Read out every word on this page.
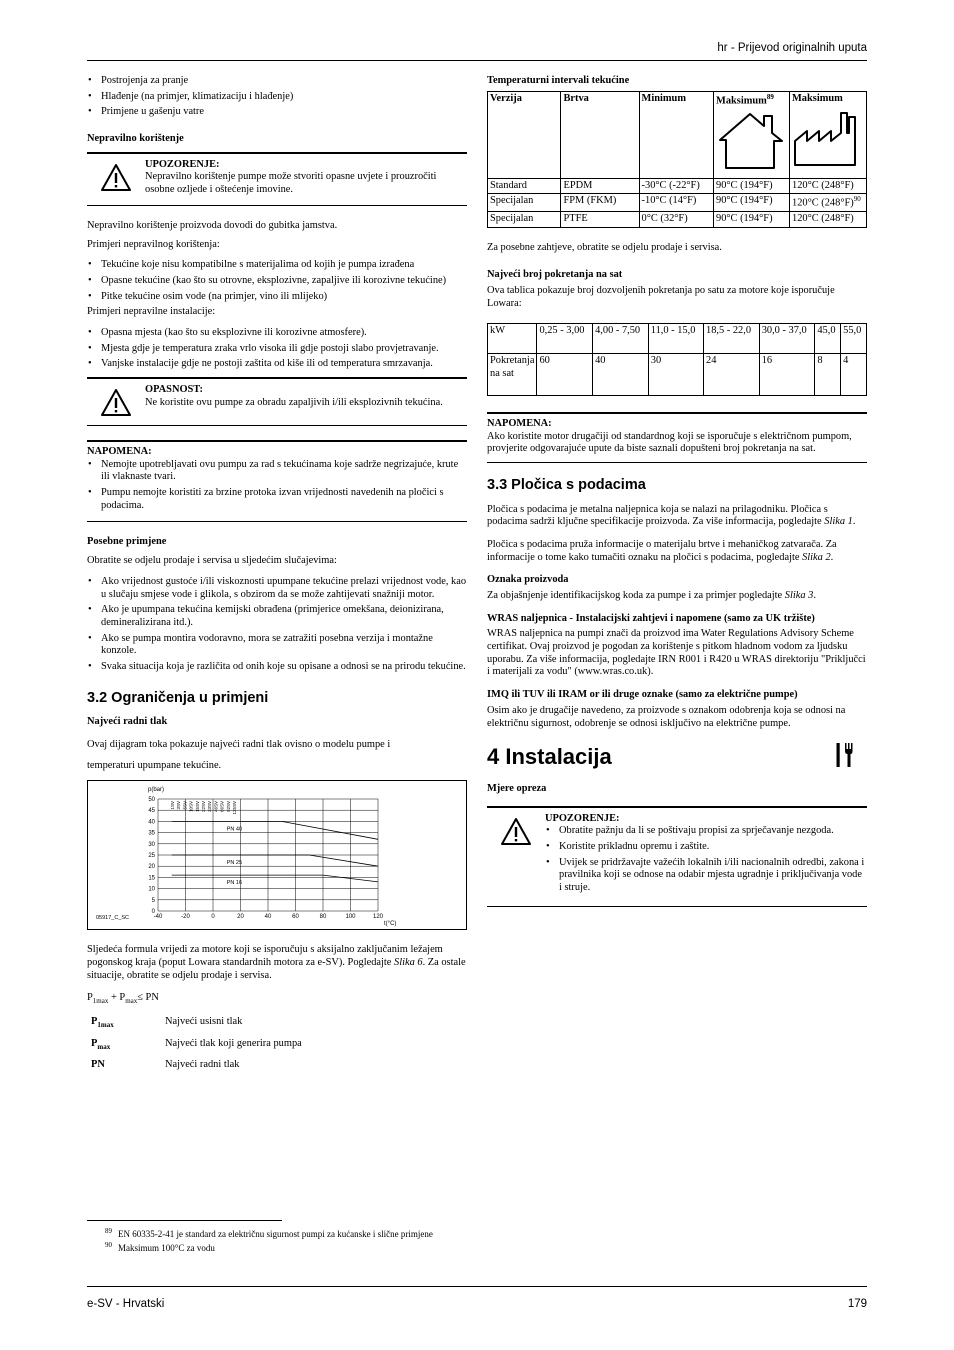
hr - Prijevod originalnih uputa
• Postrojenja za pranje
• Hlađenje (na primjer, klimatizaciju i hlađenje)
• Primjene u gašenju vatre
Nepravilno korištenje
UPOZORENJE:
Nepravilno korištenje pumpe može stvoriti opasne uvjete i prouzročiti osobne ozljede i oštećenje imovine.

Nepravilno korištenje proizvoda dovodi do gubitka jamstva.

Primjeri nepravilnog korištenja:

• Tekućine koje nisu kompatibilne s materijalima od kojih je pumpa izrađena
• Opasne tekućine (kao što su otrovne, eksplozivne, zapaljive ili korozivne tekućine)
• Pitke tekućine osim vode (na primjer, vino ili mlijeko)

Primjeri nepravilne instalacije:

• Opasna mjesta (kao što su eksplozivne ili korozivne atmosfere).
• Mjesta gdje je temperatura zraka vrlo visoka ili gdje postoji slabo provjetravanje.
• Vanjske instalacije gdje ne postoji zaštita od kiše ili od temperatura smrzavanja.
OPASNOST:
Ne koristite ovu pumpe za obradu zapaljivih i/ili eksplozivnih tekućina.
NAPOMENA:
• Nemojte upotrebljavati ovu pumpu za rad s tekućinama koje sadrže negrizajuće, krute ili vlaknaste tvari.
• Pumpu nemojte koristiti za brzine protoka izvan vrijednosti navedenih na pločici s podacima.
Posebne primjene

Obratite se odjelu prodaje i servisa u sljedećim slučajevima:

• Ako vrijednost gustoće i/ili viskoznosti upumpane tekućine prelazi vrijednost vode, kao u slučaju smjese vode i glikola, s obzirom da se može zahtijevati snažniji motor.
• Ako je upumpana tekućina kemijski obrađena (primjerice omekšana, deionizirana, demineralizirana itd.).
• Ako se pumpa montira vodoravno, mora se zatražiti posebna verzija i montažne konzole.
• Svaka situacija koja je različita od onih koje su opisane a odnosi se na prirodu tekućine.
3.2 Ograničenja u primjeni
Najveći radni tlak

Ovaj dijagram toka pokazuje najveći radni tlak ovisno o modelu pumpe i

temperaturi upumpane tekućine.

-40	-20	0	20	40	60	80	100	120
0
5
10
15
20
25
30
35
40
45
50
p(bar)
t(°C)
05917_C_SC
1SV 3SV 5SV 10SV 15SV 22SV 33SV 46SV 66SV 92SV 125SV
PN 40
PN 25
PN 16

Sljedeća formula vrijedi za motore koji se isporučuju s aksijalno zaključanim ležajem pogonskog kraja (poput Lowara standardnih motora za e-SV). Pogledajte Slika 6. Za ostale situacije, obratite se odjelu prodaje i servisa.

$P_{1max} + P_{max}\le$ PN

$P_{1max}$	Najveći usisni tlak
$P_{max}$	Najveći tlak koji generira pumpa
PN	Najveći radni tlak
Temperaturni intervali tekućine
Verzija	Brtva	Minimum	Maksimum$^{89}$	Maksimum

Standard	EPDM	-30°C (-22°F)	90°C (194°F)	120°C (248°F)
Specijalan	FPM (FKM)	-10°C (14°F)	90°C (194°F)	120°C $(248^\circ F)^{90}$
Specijalan	PTFE	0°C (32°F)	90°C (194°F)	120°C (248°F)

Za posebne zahtjeve, obratite se odjelu prodaje i servisa.

Najveći broj pokretanja na sat

Ova tablica pokazuje broj dozvoljenih pokretanja po satu za motore koje isporučuje Lowara:

kW	0,25 - 3,00	4,00 - 7,50	11,0 - 15,0	18,5 - 22,0	30,0 - 37,0	45,0	55,0
Pokretanja na sat	60	40	30	24	16	8	4
NAPOMENA:
Ako koristite motor drugačiji od standardnog koji se isporučuje s električnom pumpom, provjerite odgovarajuće upute da biste saznali dopušteni broj pokretanja na sat.
3.3 Pločica s podacima

Pločica s podacima je metalna naljepnica koja se nalazi na prilagodniku. Pločica s podacima sadrži ključne specifikacije proizvoda. Za više informacija, pogledajte Slika 1.

Pločica s podacima pruža informacije o materijalu brtve i mehaničkog zatvarača. Za informacije o tome kako tumačiti oznaku na pločici s podacima, pogledajte Slika 2.

Oznaka proizvoda

Za objašnjenje identifikacijskog koda za pumpe i za primjer pogledajte Slika 3.

WRAS naljepnica - Instalacijski zahtjevi i napomene (samo za UK tržište)

WRAS naljepnica na pumpi znači da proizvod ima Water Regulations Advisory Scheme certifikat. Ovaj proizvod je pogodan za korištenje s pitkom hladnom vodom za ljudsku uporabu. Za više informacija, pogledajte IRN R001 i R420 u WRAS direktoriju "Priključci i materijali za vodu" (www.wras.co.uk).

IMQ ili TUV ili IRAM or ili druge oznake (samo za električne pumpe)

Osim ako je drugačije navedeno, za proizvode s oznakom odobrenja koja se odnosi na električnu sigurnost, odobrenje se odnosi isključivo na električne pumpe.

4 Instalacija
Mjere opreza
UPOZORENJE:
• Obratite pažnju da li se poštivaju propisi za sprječavanje nezgoda.
• Koristite prikladnu opremu i zaštite.
• Uvijek se pridržavajte važećih lokalnih i/ili nacionalnih odredbi, zakona i pravilnika koji se odnose na odabir mjesta ugradnje i priključivanja vode i struje.
$^{89}$ EN 60335-2-41 je standard za električnu sigurnost pumpi za kućanske i slične primjene
$^{90}$ Maksimum 100°C za vodu
e-SV - Hrvatski	179
